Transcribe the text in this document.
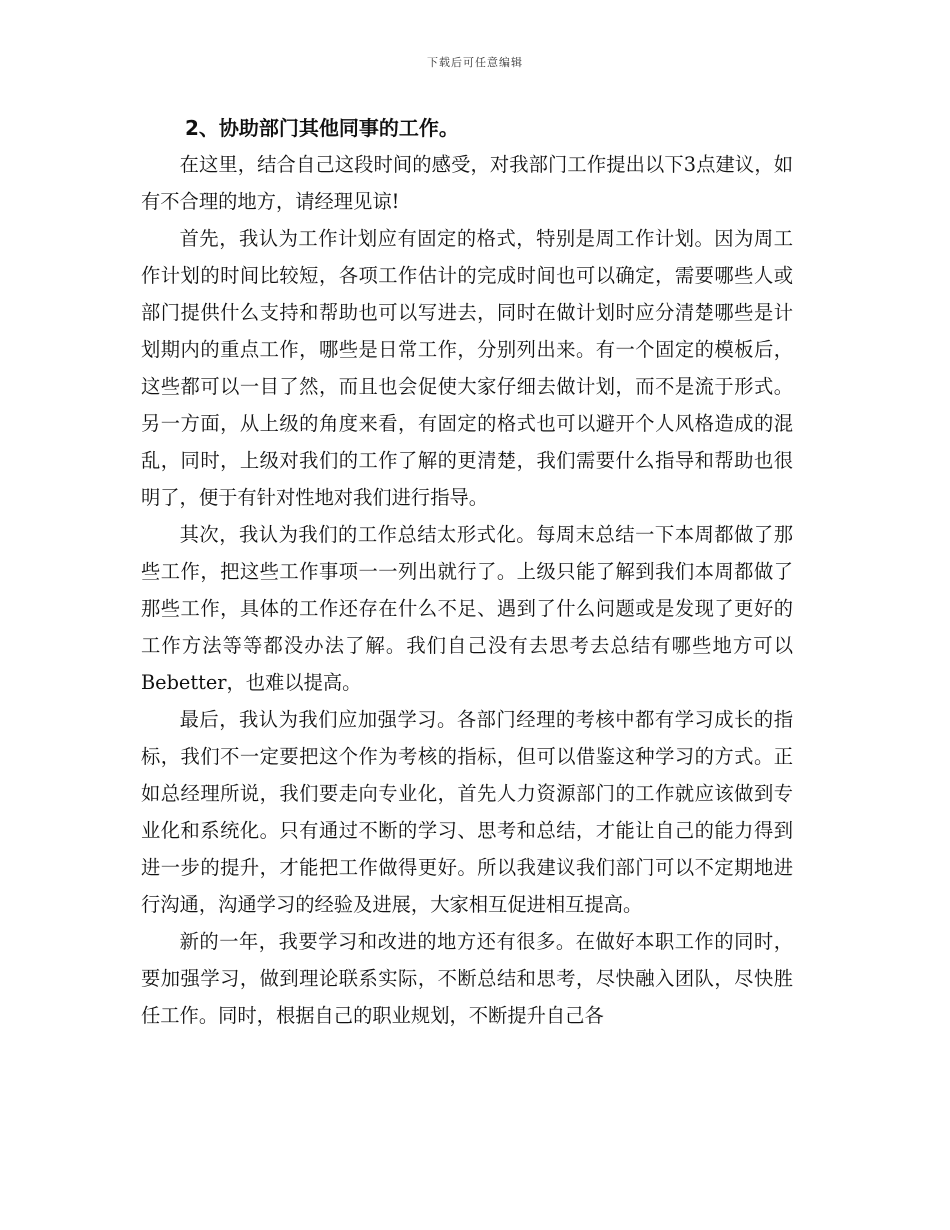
下载后可任意编辑

2、协助部门其他同事的工作。

在这里，结合自己这段时间的感受，对我部门工作提出以下3点建议，如有不合理的地方，请经理见谅!

首先，我认为工作计划应有固定的格式，特别是周工作计划。因为周工作计划的时间比较短，各项工作估计的完成时间也可以确定，需要哪些人或部门提供什么支持和帮助也可以写进去，同时在做计划时应分清楚哪些是计划期内的重点工作，哪些是日常工作，分别列出来。有一个固定的模板后，这些都可以一目了然，而且也会促使大家仔细去做计划，而不是流于形式。另一方面，从上级的角度来看，有固定的格式也可以避开个人风格造成的混乱，同时，上级对我们的工作了解的更清楚，我们需要什么指导和帮助也很明了，便于有针对性地对我们进行指导。

其次，我认为我们的工作总结太形式化。每周末总结一下本周都做了那些工作，把这些工作事项一一列出就行了。上级只能了解到我们本周都做了那些工作，具体的工作还存在什么不足、遇到了什么问题或是发现了更好的工作方法等等都没办法了解。我们自己没有去思考去总结有哪些地方可以Bebetter，也难以提高。

最后，我认为我们应加强学习。各部门经理的考核中都有学习成长的指标，我们不一定要把这个作为考核的指标，但可以借鉴这种学习的方式。正如总经理所说，我们要走向专业化，首先人力资源部门的工作就应该做到专业化和系统化。只有通过不断的学习、思考和总结，才能让自己的能力得到进一步的提升，才能把工作做得更好。所以我建议我们部门可以不定期地进行沟通，沟通学习的经验及进展，大家相互促进相互提高。

新的一年，我要学习和改进的地方还有很多。在做好本职工作的同时，要加强学习，做到理论联系实际，不断总结和思考，尽快融入团队，尽快胜任工作。同时，根据自己的职业规划，不断提升自己各
